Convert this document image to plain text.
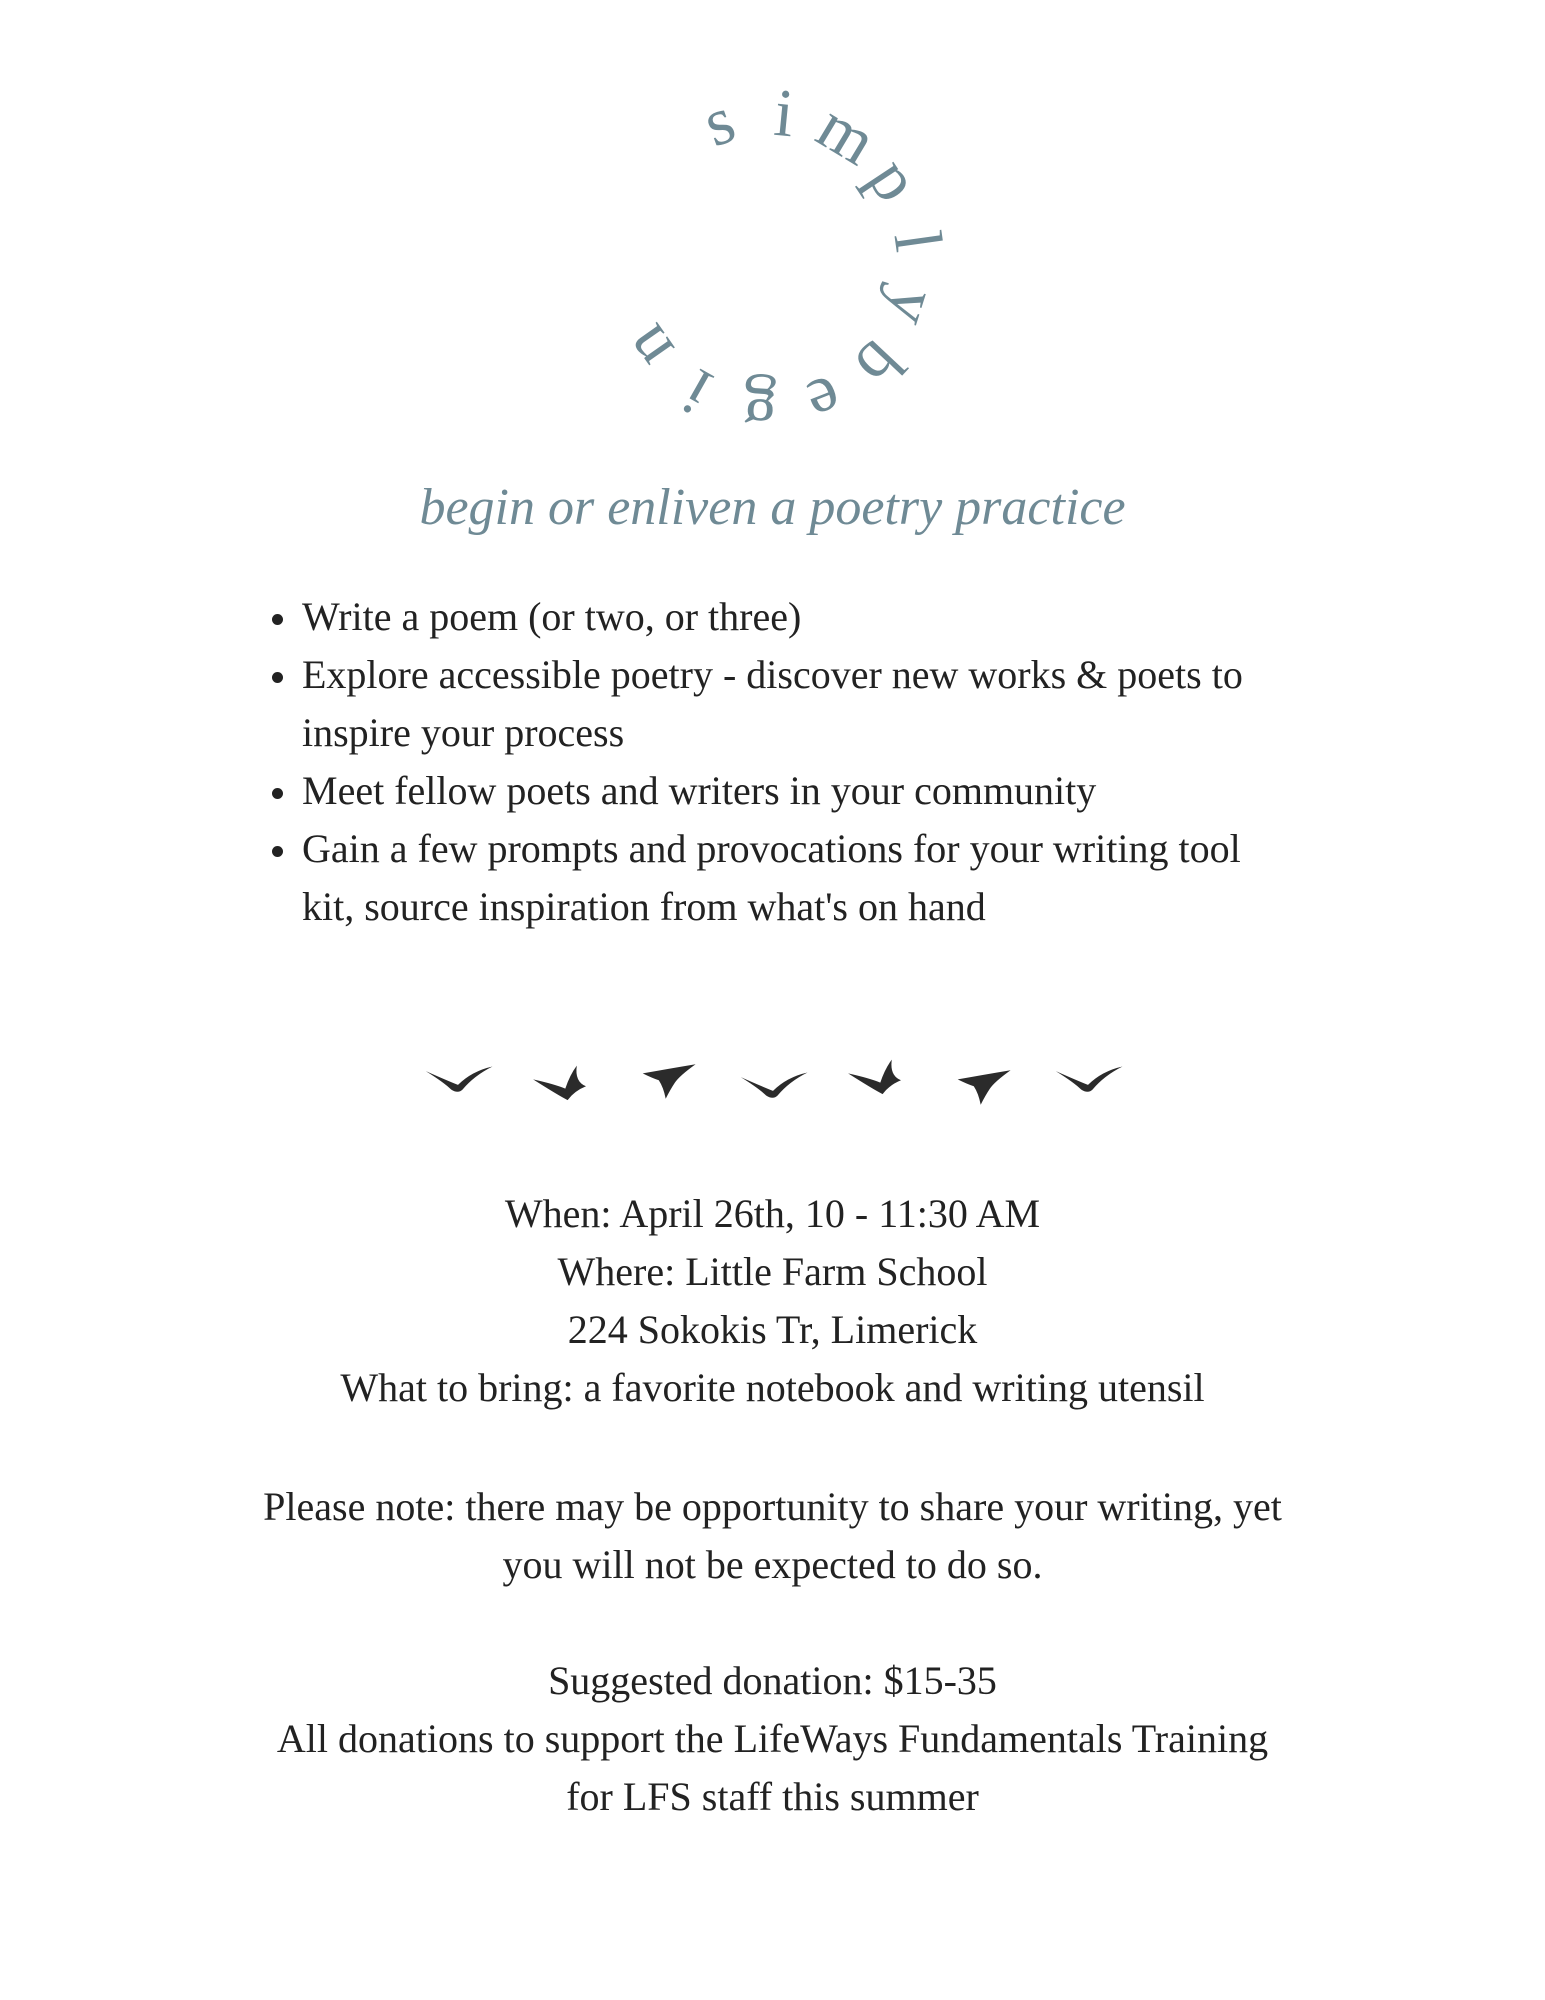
s i m
p
l
y
b
e
g
i
n
begin or enliven a poetry practice
Write a poem (or two, or three)
Explore accessible poetry - discover new works & poets to
inspire your process
Meet fellow poets and writers in your community
Gain a few prompts and provocations for your writing tool
kit, source inspiration from what's on hand
When: April 26th, 10 - 11:30 AM
Where: Little Farm School
224 Sokokis Tr, Limerick
What to bring: a favorite notebook and writing utensil
Please note: there may be opportunity to share your writing, yet
you will not be expected to do so.
Suggested donation: $15-35
All donations to support the LifeWays Fundamentals Training
for LFS staff this summer
